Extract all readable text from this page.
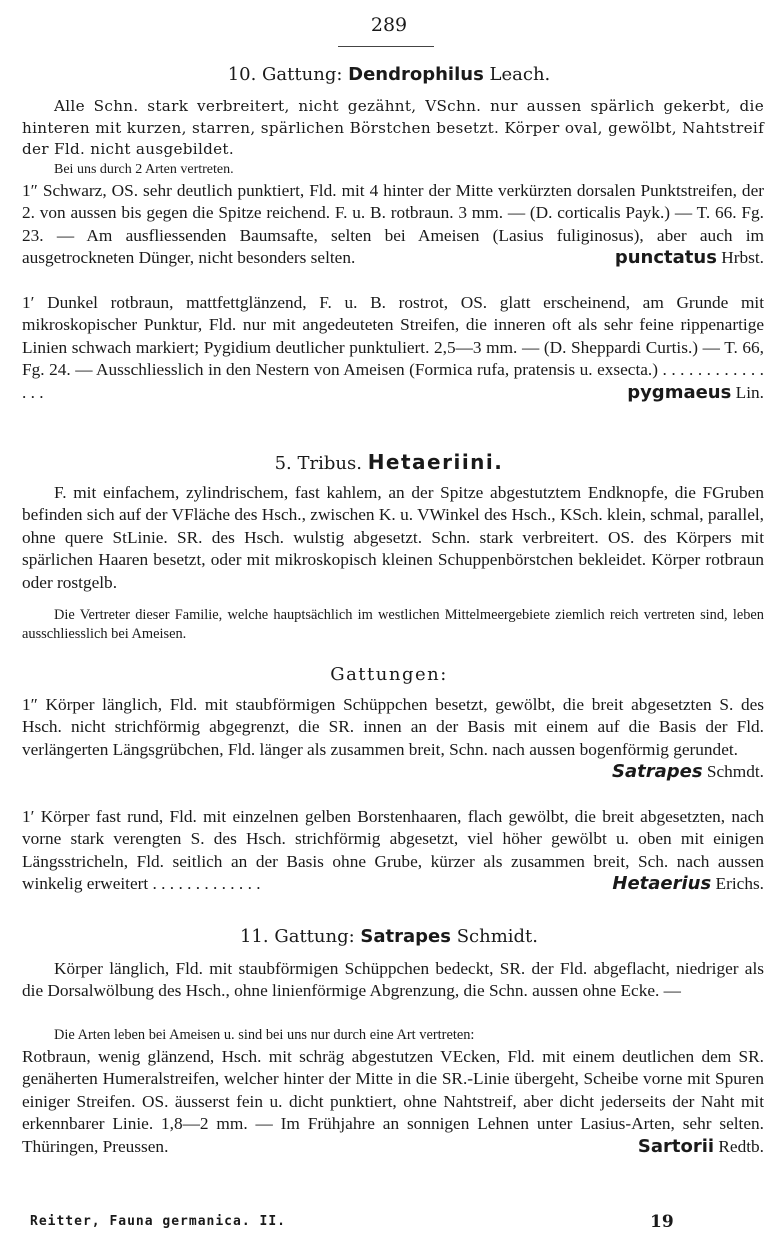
289
10. Gattung: Dendrophilus Leach.

Alle Schn. stark verbreitert, nicht gezähnt, VSchn. nur aussen spärlich gekerbt, die hinteren mit kurzen, starren, spärlichen Börstchen besetzt. Körper oval, gewölbt, Nahtstreif der Fld. nicht ausgebildet.

Bei uns durch 2 Arten vertreten.

1″ Schwarz, OS. sehr deutlich punktiert, Fld. mit 4 hinter der Mitte verkürzten dorsalen Punktstreifen, der 2. von aussen bis gegen die Spitze reichend. F. u. B. rotbraun. 3 mm. — (D. corticalis Payk.) — T. 66. Fg. 23. — Am ausfliessenden Baumsafte, selten bei Ameisen (Lasius fuliginosus), aber auch im ausgetrockneten Dünger, nicht besonders selten.	punctatus Hrbst.

1′ Dunkel rotbraun, mattfettglänzend, F. u. B. rostrot, OS. glatt erscheinend, am Grunde mit mikroskopischer Punktur, Fld. nur mit angedeuteten Streifen, die inneren oft als sehr feine rippenartige Linien schwach markiert; Pygidium deutlicher punktuliert. 2,5—3 mm. — (D. Sheppardi Curtis.) — T. 66, Fg. 24. — Ausschliesslich in den Nestern von Ameisen (Formica rufa, pratensis u. exsecta.) . . . . . . . . . . . . . . .	pygmaeus Lin.

5. Tribus. Hetaeriini.

F. mit einfachem, zylindrischem, fast kahlem, an der Spitze abgestutztem Endknopfe, die FGruben befinden sich auf der VFläche des Hsch., zwischen K. u. VWinkel des Hsch., KSch. klein, schmal, parallel, ohne quere StLinie. SR. des Hsch. wulstig abgesetzt. Schn. stark verbreitert. OS. des Körpers mit spärlichen Haaren besetzt, oder mit mikroskopisch kleinen Schuppenbörstchen bekleidet. Körper rotbraun oder rostgelb.

Die Vertreter dieser Familie, welche hauptsächlich im westlichen Mittelmeergebiete ziemlich reich vertreten sind, leben ausschliesslich bei Ameisen.

Gattungen:

1″ Körper länglich, Fld. mit staubförmigen Schüppchen besetzt, gewölbt, die breit abgesetzten S. des Hsch. nicht strichförmig abgegrenzt, die SR. innen an der Basis mit einem auf die Basis der Fld. verlängerten Längsgrübchen, Fld. länger als zusammen breit, Schn. nach aussen bogenförmig gerundet.
Satrapes Schmdt.

1′ Körper fast rund, Fld. mit einzelnen gelben Borstenhaaren, flach gewölbt, die breit abgesetzten, nach vorne stark verengten S. des Hsch. strichförmig abgesetzt, viel höher gewölbt u. oben mit einigen Längsstricheln, Fld. seitlich an der Basis ohne Grube, kürzer als zusammen breit, Sch. nach aussen winkelig erweitert . . . . . . . . . . . . .	Hetaerius Erichs.

11. Gattung: Satrapes Schmidt.

Körper länglich, Fld. mit staubförmigen Schüppchen bedeckt, SR. der Fld. abgeflacht, niedriger als die Dorsalwölbung des Hsch., ohne linienförmige Abgrenzung, die Schn. aussen ohne Ecke. —

Die Arten leben bei Ameisen u. sind bei uns nur durch eine Art vertreten:

Rotbraun, wenig glänzend, Hsch. mit schräg abgestutzen VEcken, Fld. mit einem deutlichen dem SR. genäherten Humeralstreifen, welcher hinter der Mitte in die SR.-Linie übergeht, Scheibe vorne mit Spuren einiger Streifen. OS. äusserst fein u. dicht punktiert, ohne Nahtstreif, aber dicht jederseits der Naht mit erkennbarer Linie. 1,8—2 mm. — Im Frühjahre an sonnigen Lehnen unter Lasius-Arten, sehr selten. Thüringen, Preussen.	Sartorii Redtb.

Reitter, Fauna germanica. II.	19
